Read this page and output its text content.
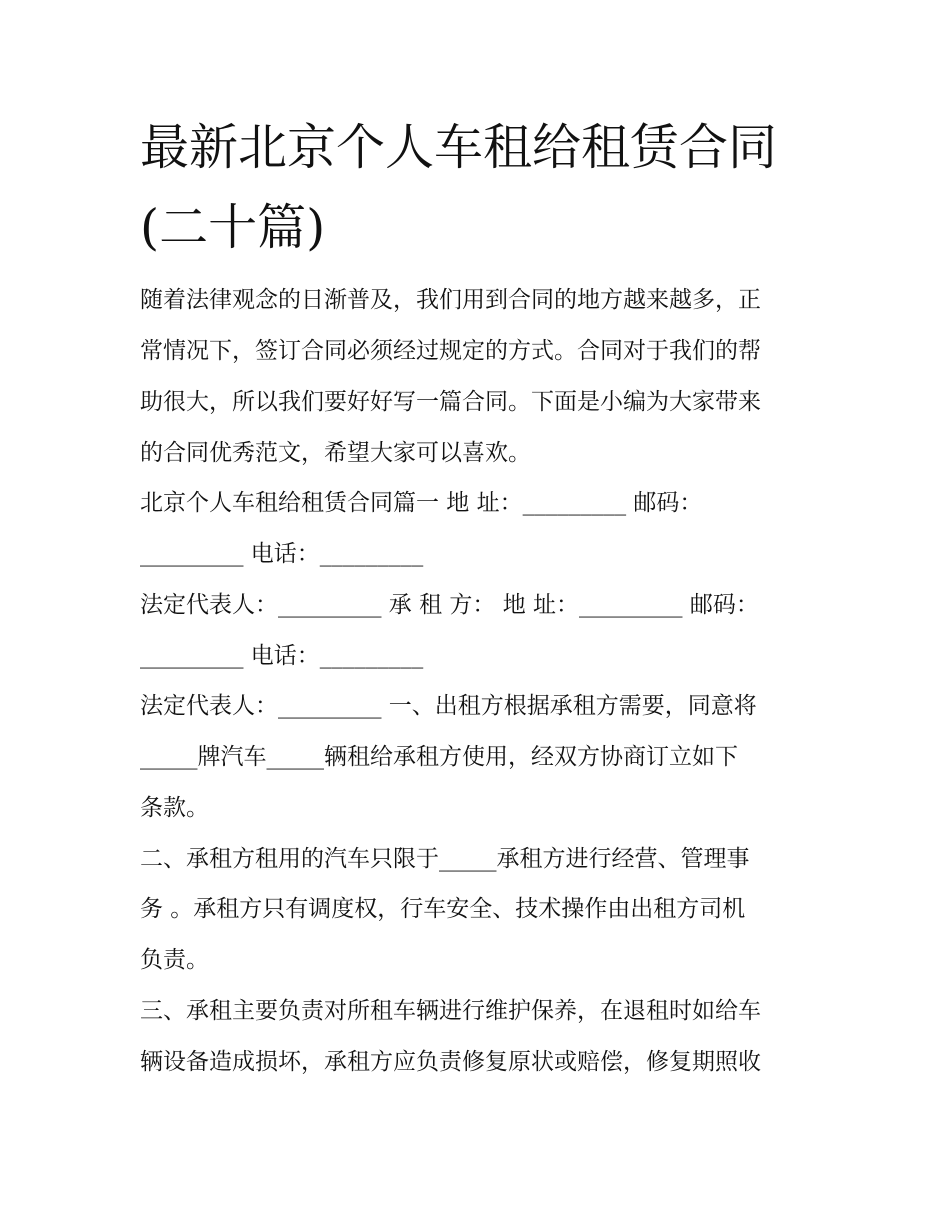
最新北京个人车租给租赁合同
(二十篇)
随着法律观念的日渐普及，我们用到合同的地方越来越多，正
常情况下，签订合同必须经过规定的方式。合同对于我们的帮
助很大，所以我们要好好写一篇合同。下面是小编为大家带来
的合同优秀范文，希望大家可以喜欢。
北京个人车租给租赁合同篇一 地 址：_________ 邮码：
_________ 电话：_________
法定代表人：_________ 承 租 方： 地 址：_________ 邮码：
_________ 电话：_________
法定代表人：_________ 一、出租方根据承租方需要，同意将
_____牌汽车_____辆租给承租方使用，经双方协商订立如下
条款。
二、承租方租用的汽车只限于_____承租方进行经营、管理事
务 。承租方只有调度权，行车安全、技术操作由出租方司机
负责。
三、承租主要负责对所租车辆进行维护保养，在退租时如给车
辆设备造成损坏，承租方应负责修复原状或赔偿，修复期照收
